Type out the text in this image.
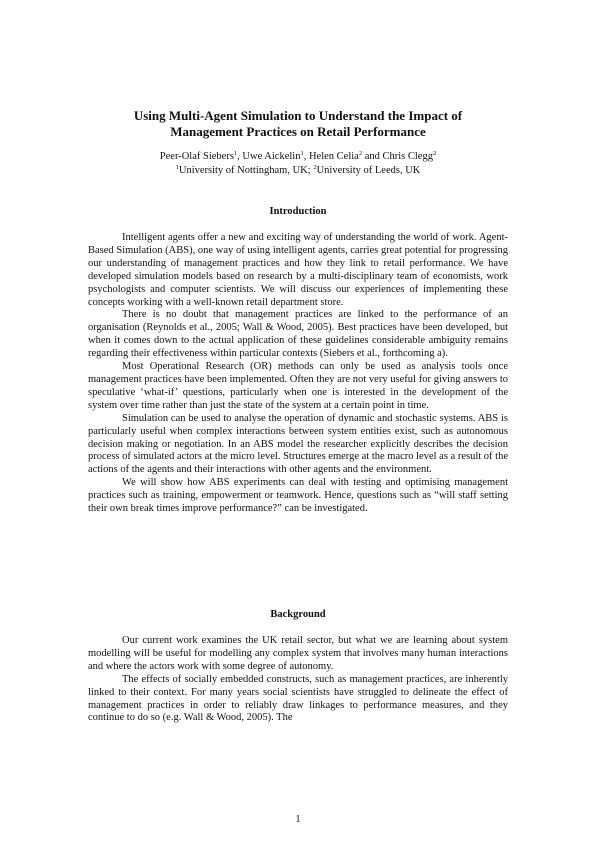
Using Multi-Agent Simulation to Understand the Impact of
Management Practices on Retail Performance
Peer-Olaf Siebers$^1$, Uwe Aickelin$^1$, Helen Celia$^2$ and Chris Clegg$^2$
$^1$University of Nottingham, UK; $^2$University of Leeds, UK
Introduction

Intelligent agents offer a new and exciting way of understanding the world of work. Agent-Based Simulation (ABS), one way of using intelligent agents, carries great potential for progressing our understanding of management practices and how they link to retail performance. We have developed simulation models based on research by a multi-disciplinary team of economists, work psychologists and computer scientists. We will discuss our experiences of implementing these concepts working with a well-known retail department store.

There is no doubt that management practices are linked to the performance of an organisation (Reynolds et al., 2005; Wall & Wood, 2005). Best practices have been developed, but when it comes down to the actual application of these guidelines considerable ambiguity remains regarding their effectiveness within particular contexts (Siebers et al., forthcoming a).

Most Operational Research (OR) methods can only be used as analysis tools once management practices have been implemented. Often they are not very useful for giving answers to speculative ‘what-if’ questions, particularly when one is interested in the development of the system over time rather than just the state of the system at a certain point in time.

Simulation can be used to analyse the operation of dynamic and stochastic systems. ABS is particularly useful when complex interactions between system entities exist, such as autonomous decision making or negotiation. In an ABS model the researcher explicitly describes the decision process of simulated actors at the micro level. Structures emerge at the macro level as a result of the actions of the agents and their interactions with other agents and the environment.

We will show how ABS experiments can deal with testing and optimising management practices such as training, empowerment or teamwork. Hence, questions such as “will staff setting their own break times improve performance?” can be investigated.

Background

Our current work examines the UK retail sector, but what we are learning about system modelling will be useful for modelling any complex system that involves many human interactions and where the actors work with some degree of autonomy.

The effects of socially embedded constructs, such as management practices, are inherently linked to their context. For many years social scientists have struggled to delineate the effect of management practices in order to reliably draw linkages to performance measures, and they continue to do so (e.g. Wall & Wood, 2005). The

1
